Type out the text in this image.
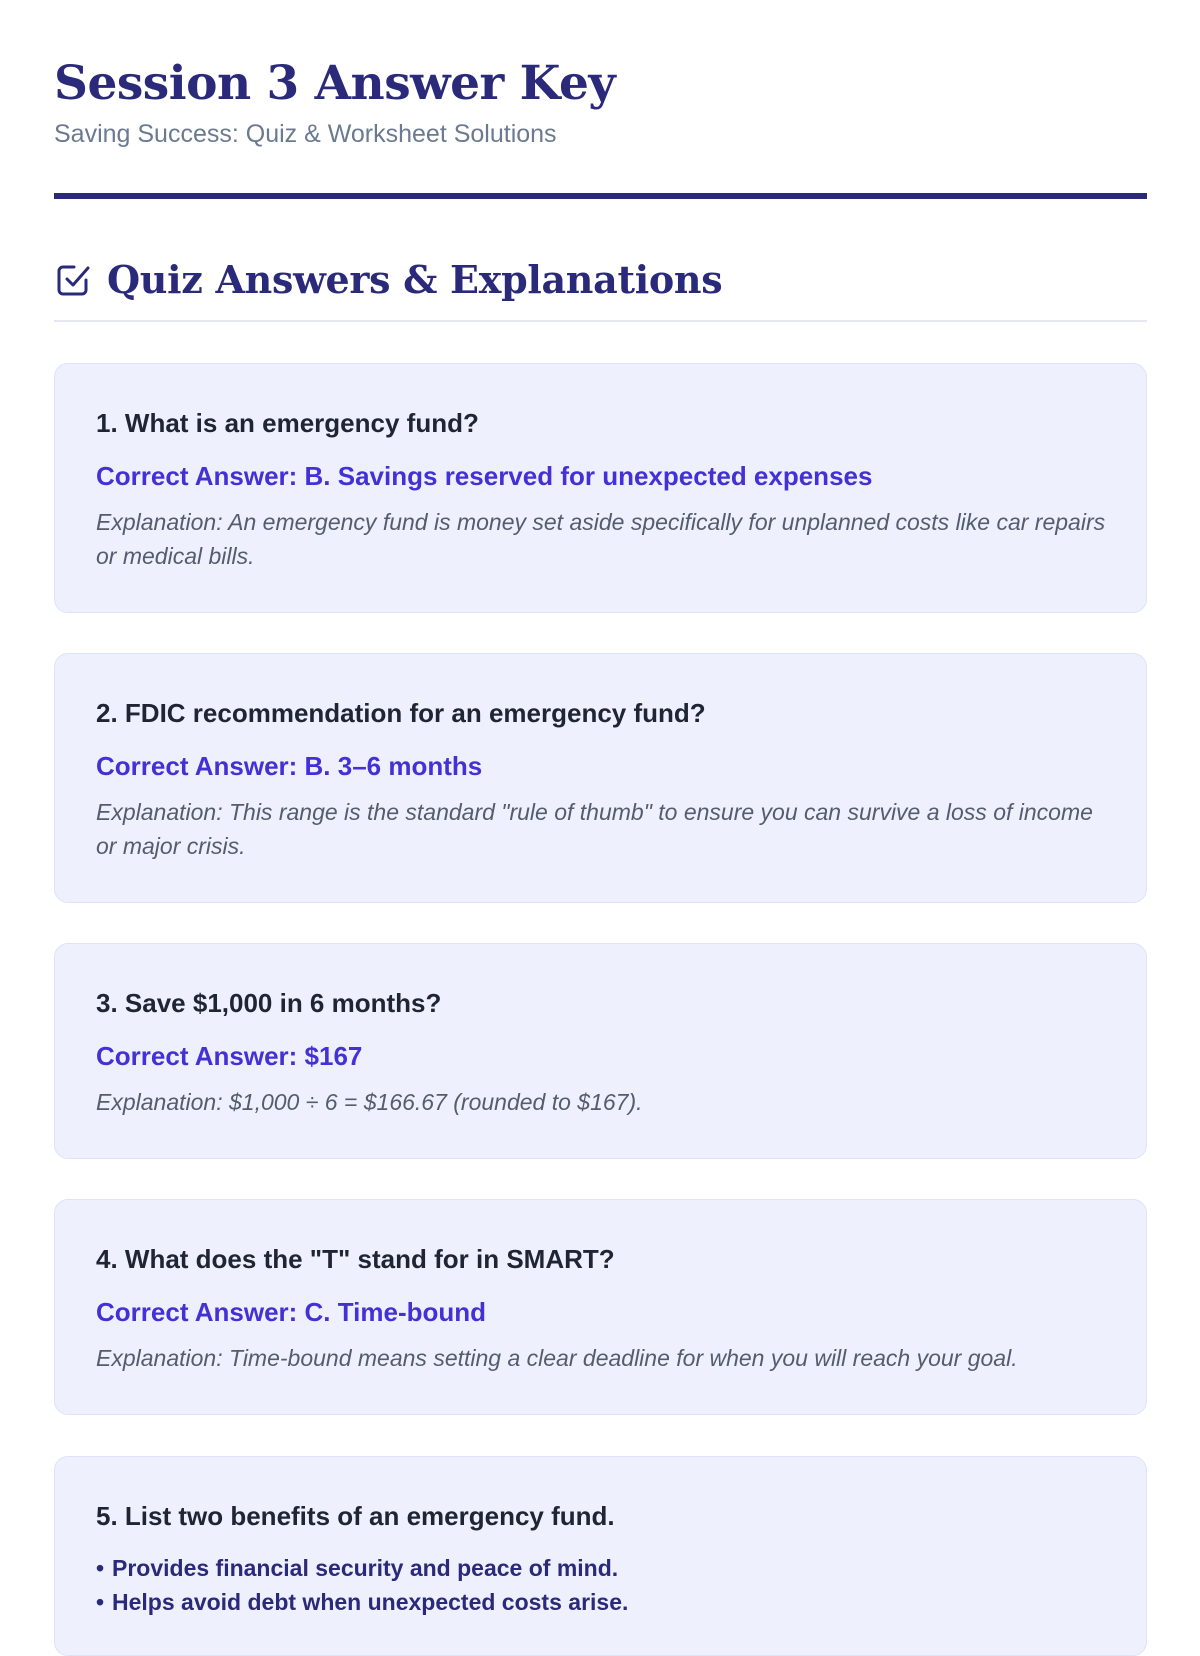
Session 3 Answer Key

Saving Success: Quiz & Worksheet Solutions

Quiz Answers & Explanations

1. What is an emergency fund?

Correct Answer: B. Savings reserved for unexpected expenses

Explanation: An emergency fund is money set aside specifically for unplanned costs like car repairs or medical bills.

2. FDIC recommendation for an emergency fund?

Correct Answer: B. 3–6 months

Explanation: This range is the standard "rule of thumb" to ensure you can survive a loss of income or major crisis.

3. Save $1,000 in 6 months?

Correct Answer: $167

Explanation: $1,000 ÷ 6 = $166.67 (rounded to $167).

4. What does the "T" stand for in SMART?

Correct Answer: C. Time-bound

Explanation: Time-bound means setting a clear deadline for when you will reach your goal.

5. List two benefits of an emergency fund.

• Provides financial security and peace of mind.
• Helps avoid debt when unexpected costs arise.
